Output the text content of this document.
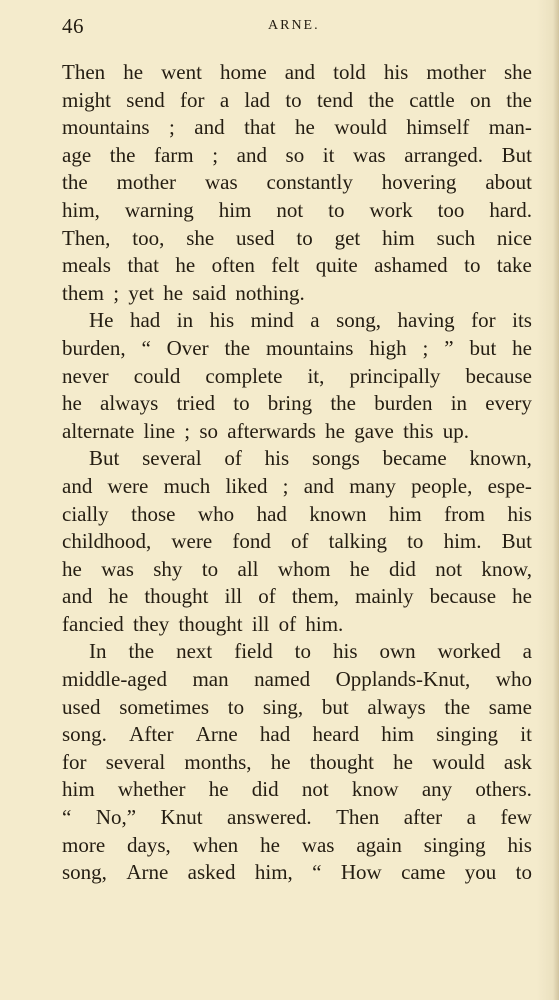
46	ARNE.
Then he went home and told his mother she
might send for a lad to tend the cattle on the
mountains ; and that he would himself man-
age the farm ; and so it was arranged. But
the mother was constantly hovering about
him, warning him not to work too hard.
Then, too, she used to get him such nice
meals that he often felt quite ashamed to take
them ; yet he said nothing.
He had in his mind a song, having for its
burden, “ Over the mountains high ; ” but he
never could complete it, principally because
he always tried to bring the burden in every
alternate line ; so afterwards he gave this up.
But several of his songs became known,
and were much liked ; and many people, espe-
cially those who had known him from his
childhood, were fond of talking to him. But
he was shy to all whom he did not know,
and he thought ill of them, mainly because he
fancied they thought ill of him.
In the next field to his own worked a
middle-aged man named Opplands-Knut, who
used sometimes to sing, but always the same
song. After Arne had heard him singing it
for several months, he thought he would ask
him whether he did not know any others.
“ No,” Knut answered. Then after a few
more days, when he was again singing his
song, Arne asked him, “ How came you to
